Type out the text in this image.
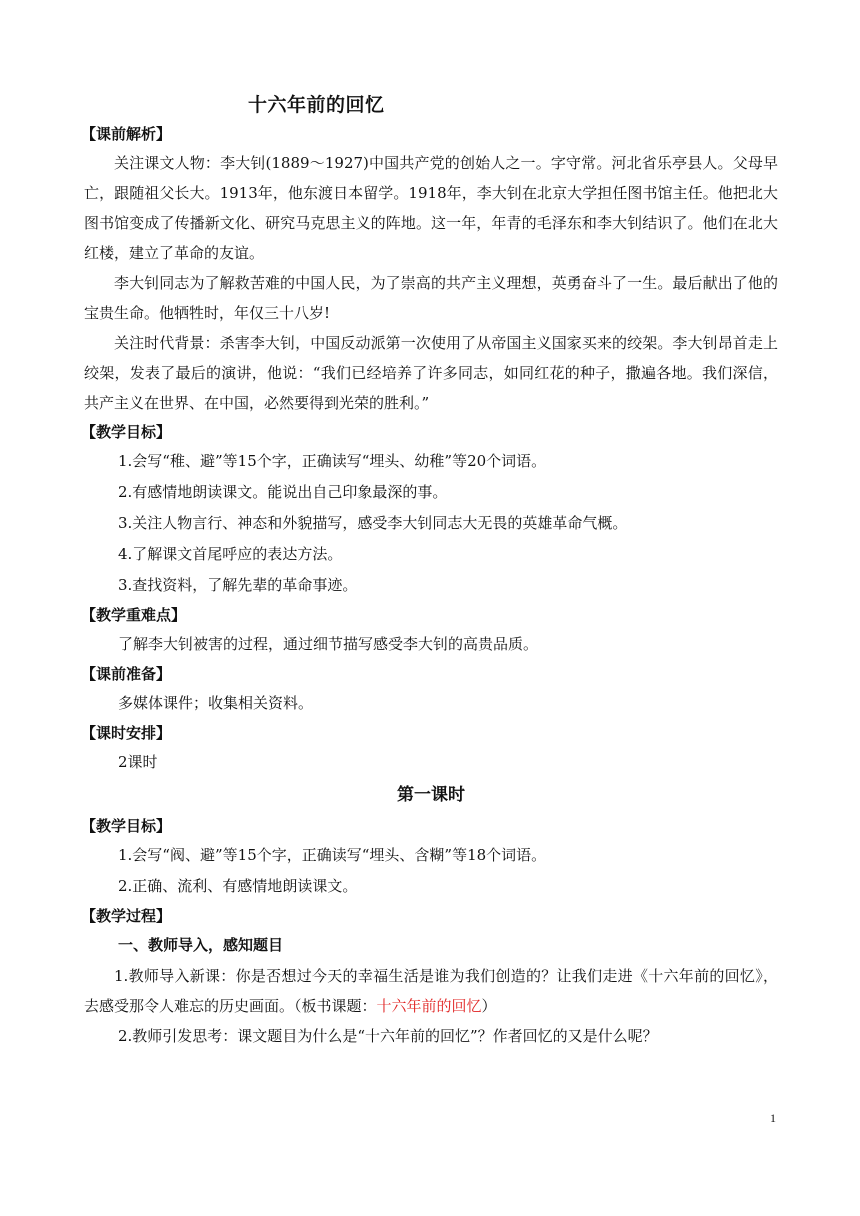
十六年前的回忆
【课前解析】

关注课文人物：李大钊(1889～1927)中国共产党的创始人之一。字守常。河北省乐亭县人。父母早亡，跟随祖父长大。1913年，他东渡日本留学。1918年，李大钊在北京大学担任图书馆主任。他把北大图书馆变成了传播新文化、研究马克思主义的阵地。这一年，年青的毛泽东和李大钊结识了。他们在北大红楼，建立了革命的友谊。

李大钊同志为了解救苦难的中国人民，为了崇高的共产主义理想，英勇奋斗了一生。最后献出了他的宝贵生命。他牺牲时，年仅三十八岁!

关注时代背景：杀害李大钊，中国反动派第一次使用了从帝国主义国家买来的绞架。李大钊昂首走上绞架，发表了最后的演讲，他说：“我们已经培养了许多同志，如同红花的种子，撒遍各地。我们深信，共产主义在世界、在中国，必然要得到光荣的胜利。”

【教学目标】
1.会写“稚、避”等15个字，正确读写“埋头、幼稚”等20个词语。
2.有感情地朗读课文。能说出自己印象最深的事。
3.关注人物言行、神态和外貌描写，感受李大钊同志大无畏的英雄革命气概。
4.了解课文首尾呼应的表达方法。
3.查找资料，了解先辈的革命事迹。
【教学重难点】
了解李大钊被害的过程，通过细节描写感受李大钊的高贵品质。
【课前准备】
多媒体课件；收集相关资料。
【课时安排】
2课时
第一课时
【教学目标】
1.会写“阀、避”等15个字，正确读写“埋头、含糊”等18个词语。
2.正确、流利、有感情地朗读课文。
【教学过程】
一、教师导入，感知题目

1.教师导入新课：你是否想过今天的幸福生活是谁为我们创造的？让我们走进《十六年前的回忆》，去感受那令人难忘的历史画面。（板书课题：十六年前的回忆）

2.教师引发思考：课文题目为什么是“十六年前的回忆”？作者回忆的又是什么呢？
1
